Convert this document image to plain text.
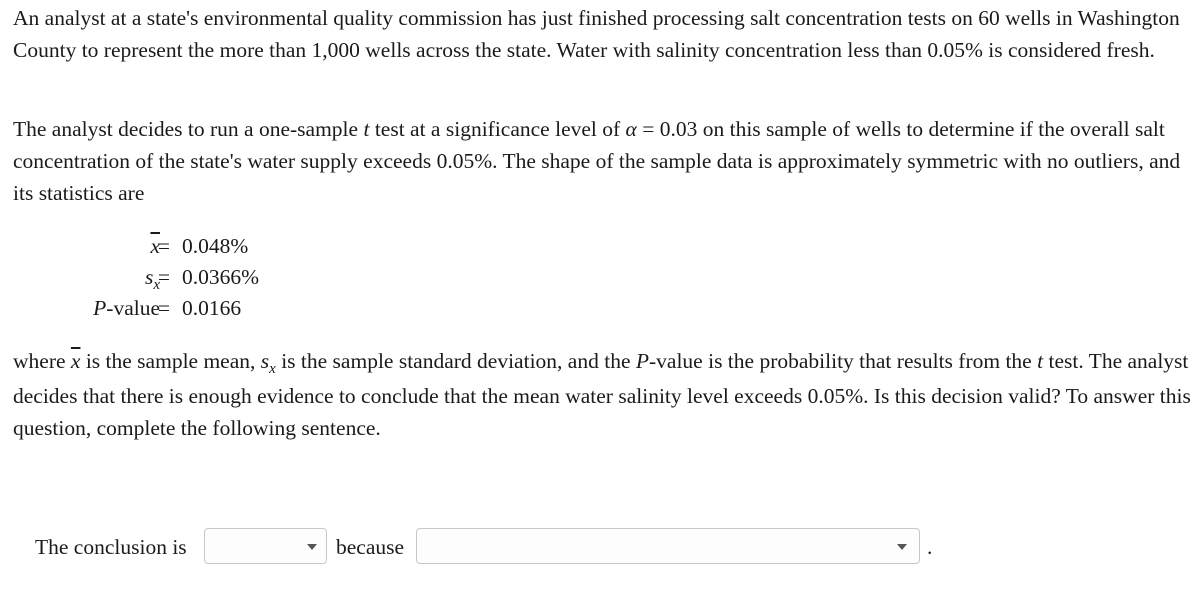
An analyst at a state's environmental quality commission has just finished processing salt concentration tests on 60 wells in Washington County to represent the more than 1,000 wells across the state. Water with salinity concentration less than 0.05% is considered fresh.

The analyst decides to run a one-sample t test at a significance level of α = 0.03 on this sample of wells to determine if the overall salt concentration of the state's water supply exceeds 0.05%. The shape of the sample data is approximately symmetric with no outliers, and its statistics are

$\overline{x}$
= 0.048%
$s_x$
= 0.0366%
P-value
= 0.0166

where $\overline{x}$ is the sample mean, $s_x$ is the sample standard deviation, and the P-value is the probability that results from the t test. The analyst decides that there is enough evidence to conclude that the mean water salinity level exceeds 0.05%. Is this decision valid? To answer this question, complete the following sentence.

The conclusion is	because	.
